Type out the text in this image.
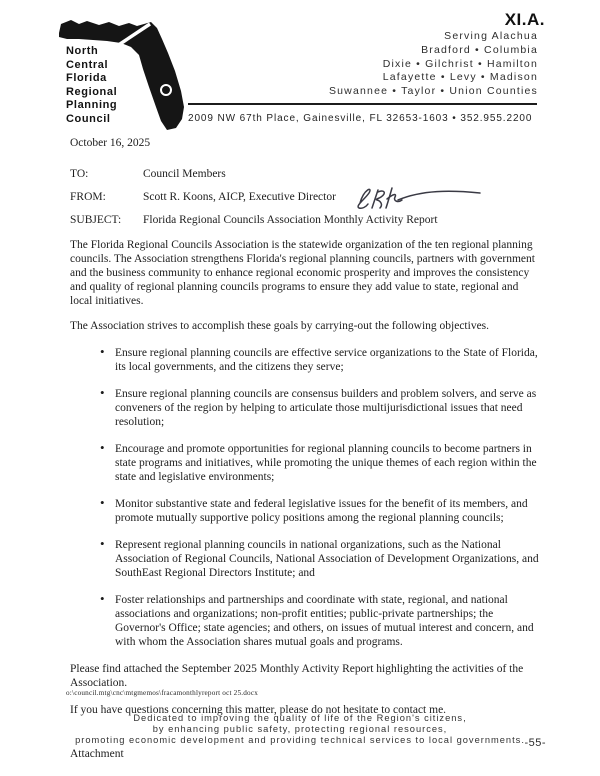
XI.A.
Serving Alachua
Bradford • Columbia
Dixie • Gilchrist • Hamilton
Lafayette • Levy • Madison
Suwannee • Taylor • Union Counties
2009 NW 67th Place, Gainesville, FL 32653-1603 • 352.955.2200
North
Central
Florida
Regional
Planning
Council
October 16, 2025
TO:	Council Members
FROM:	Scott R. Koons, AICP, Executive Director
SUBJECT:	Florida Regional Councils Association Monthly Activity Report

The Florida Regional Councils Association is the statewide organization of the ten regional planning councils. The Association strengthens Florida's regional planning councils, partners with government and the business community to enhance regional economic prosperity and improves the consistency and quality of regional planning councils programs to ensure they add value to state, regional and local initiatives.

The Association strives to accomplish these goals by carrying-out the following objectives.

• Ensure regional planning councils are effective service organizations to the State of Florida, its local governments, and the citizens they serve;
• Ensure regional planning councils are consensus builders and problem solvers, and serve as conveners of the region by helping to articulate those multijurisdictional issues that need resolution;
• Encourage and promote opportunities for regional planning councils to become partners in state programs and initiatives, while promoting the unique themes of each region within the state and legislative environments;
• Monitor substantive state and federal legislative issues for the benefit of its members, and promote mutually supportive policy positions among the regional planning councils;
• Represent regional planning councils in national organizations, such as the National Association of Regional Councils, National Association of Development Organizations, and SouthEast Regional Directors Institute; and
• Foster relationships and partnerships and coordinate with state, regional, and national associations and organizations; non-profit entities; public-private partnerships; the Governor's Office; state agencies; and others, on issues of mutual interest and concern, and with whom the Association shares mutual goals and programs.

Please find attached the September 2025 Monthly Activity Report highlighting the activities of the Association.

If you have questions concerning this matter, please do not hesitate to contact me.

Attachment

o:\council.mtg\cnc\mtgmemos\fracamonthlyreport oct 25.docx
Dedicated to improving the quality of life of the Region's citizens,
by enhancing public safety, protecting regional resources,
promoting economic development and providing technical services to local governments. -55-
